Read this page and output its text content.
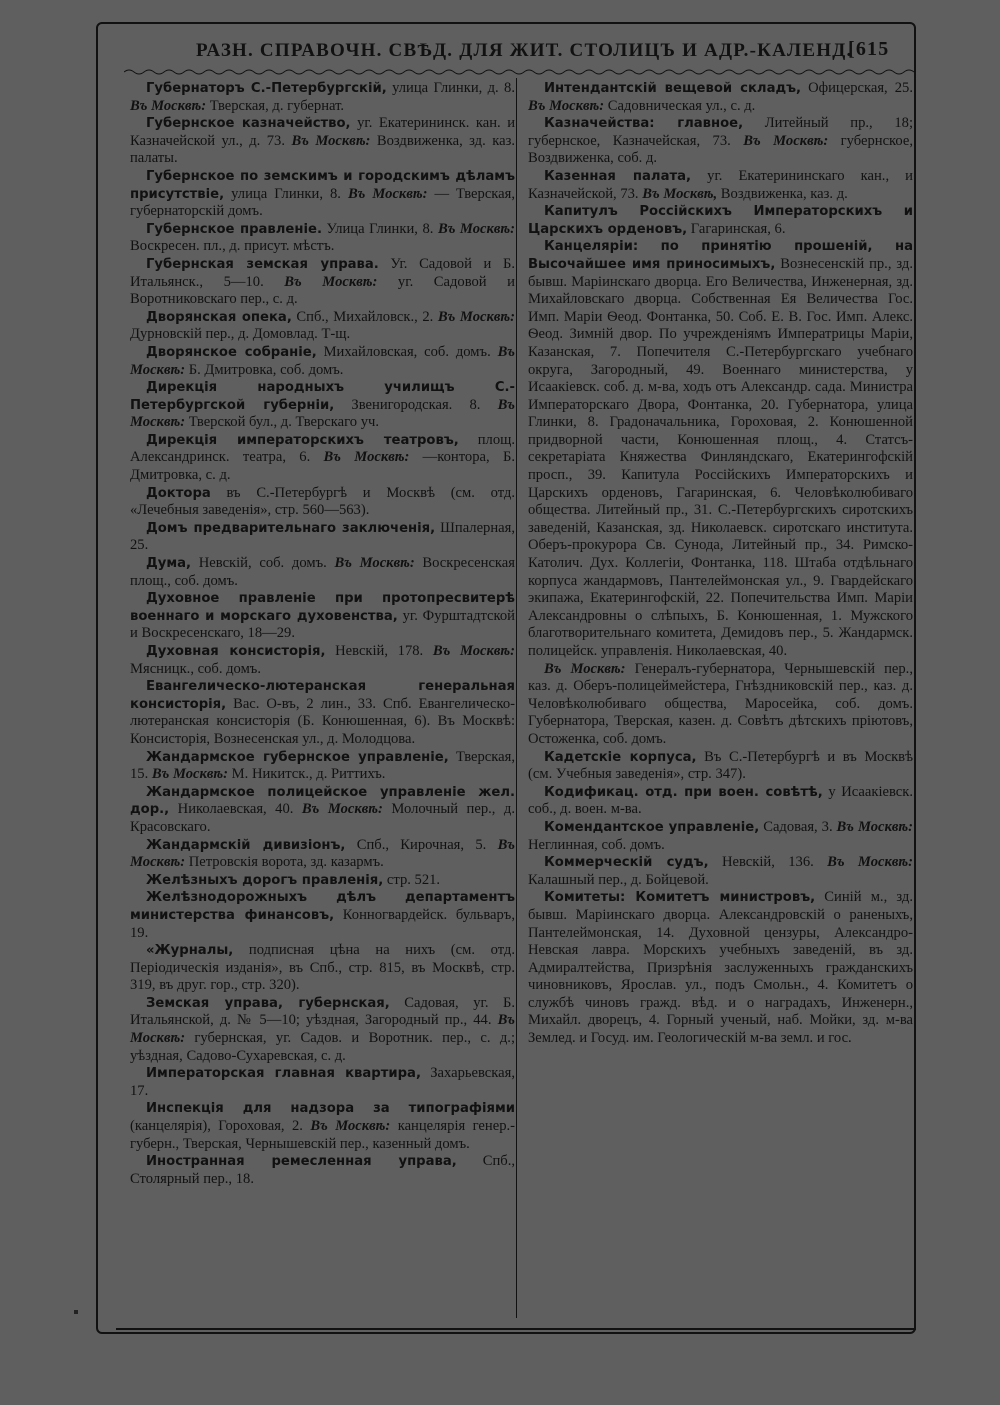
РАЗН. СПРАВОЧН. СВѢД. ДЛЯ ЖИТ. СТОЛИЦЪ И АДР.-КАЛЕНД.
[615

Губернаторъ С.-Петербургскій, улица Глинки, д. 8. Въ Москвѣ: Тверская, д. губернат.

Губернское казначейство, уг. Екатерининск. кан. и Казначейской ул., д. 73. Въ Москвѣ: Воздвиженка, зд. каз. палаты.

Губернское по земскимъ и городскимъ дѣламъ присутствіе, улица Глинки, 8. Въ Москвѣ: — Тверская, губернаторскій домъ.

Губернское правленіе. Улица Глинки, 8. Въ Москвѣ: Воскресен. пл., д. присут. мѣстъ.

Губернская земская управа. Уг. Садовой и Б. Итальянск., 5—10. Въ Москвѣ: уг. Садовой и Воротниковскаго пер., с. д.

Дворянская опека, Спб., Михайловск., 2. Въ Москвѣ: Дурновскій пер., д. Домовлад. Т-щ.

Дворянское собраніе, Михайловская, соб. домъ. Въ Москвѣ: Б. Дмитровка, соб. домъ.

Дирекція народныхъ училищъ С.-Петербургской губерніи, Звенигородская. 8. Въ Москвѣ: Тверской бул., д. Тверскаго уч.

Дирекція императорскихъ театровъ, площ. Александринск. театра, 6. Въ Москвѣ: —контора, Б. Дмитровка, с. д.

Доктора въ С.-Петербургѣ и Москвѣ (см. отд. «Лечебныя заведенія», стр. 560—563).

Домъ предварительнаго заключенія, Шпалерная, 25.

Дума, Невскій, соб. домъ. Въ Москвѣ: Воскресенская площ., соб. домъ.

Духовное правленіе при протопресвитерѣ военнаго и морскаго духовенства, уг. Фурштадтской и Воскресенскаго, 18—29.

Духовная консисторія, Невскій, 178. Въ Москвѣ: Мясницк., соб. домъ.

Евангелическо-лютеранская генеральная консисторія, Вас. О-въ, 2 лин., 33. Спб. Евангелическо-лютеранская консисторія (Б. Конюшенная, 6). Въ Москвѣ: Консисторія, Вознесенская ул., д. Молодцова.

Жандармское губернское управленіе, Тверская, 15. Въ Москвѣ: М. Никитск., д. Риттихъ.

Жандармское полицейское управленіе жел. дор., Николаевская, 40. Въ Москвѣ: Молочный пер., д. Красовскаго.

Жандармскій дивизіонъ, Спб., Кирочная, 5. Въ Москвѣ: Петровскія ворота, зд. казармъ.

Желѣзныхъ дорогъ правленія, стр. 521.

Желѣзнодорожныхъ дѣлъ департаментъ министерства финансовъ, Конногвардейск. бульваръ, 19.

«Журналы, подписная цѣна на нихъ (см. отд. Періодическія изданія», въ Спб., стр. 815, въ Москвѣ, стр. 319, въ друг. гор., стр. 320).

Земская управа, губернская, Садовая, уг. Б. Итальянской, д. № 5—10; уѣздная, Загородный пр., 44. Въ Москвѣ: губернская, уг. Садов. и Воротник. пер., с. д.; уѣздная, Садово-Сухаревская, с. д.

Императорская главная квартира, Захарьевская, 17.

Инспекція для надзора за типографіями (канцелярія), Гороховая, 2. Въ Москвѣ: канцелярія генер.-губерн., Тверская, Чернышевскій пер., казенный домъ.

Иностранная ремесленная управа, Спб., Столярный пер., 18.

Интендантскій вещевой складъ, Офицерская, 25. Въ Москвѣ: Садовническая ул., с. д.

Казначейства: главное, Литейный пр., 18; губернское, Казначейская, 73. Въ Москвѣ: губернское, Воздвиженка, соб. д.

Казенная палата, уг. Екатерининскаго кан., и Казначейской, 73. Въ Москвѣ, Воздвиженка, каз. д.

Капитулъ Россійскихъ Императорскихъ и Царскихъ орденовъ, Гагаринская, 6.

Канцеляріи: по принятію прошеній, на Высочайшее имя приносимыхъ, Вознесенскій пр., зд. бывш. Маріинскаго дворца. Его Величества, Инженерная, зд. Михайловскаго дворца. Собственная Ея Величества Гос. Имп. Маріи Ѳеод. Фонтанка, 50. Соб. Е. В. Гос. Имп. Алекс. Ѳеод. Зимній двор. По учрежденіямъ Императрицы Маріи, Казанская, 7. Попечителя С.-Петербургскаго учебнаго округа, Загородный, 49. Военнаго министерства, у Исаакіевск. соб. д. м-ва, ходъ отъ Александр. сада. Министра Императорскаго Двора, Фонтанка, 20. Губернатора, улица Глинки, 8. Градоначальника, Гороховая, 2. Конюшенной придворной части, Конюшенная площ., 4. Статсъ-секретаріата Княжества Финляндскаго, Екатерингофскій просп., 39. Капитула Россійскихъ Императорскихъ и Царскихъ орденовъ, Гагаринская, 6. Человѣколюбиваго общества. Литейный пр., 31. С.-Петербургскихъ сиротскихъ заведеній, Казанская, зд. Николаевск. сиротскаго института. Оберъ-прокурора Св. Сунода, Литейный пр., 34. Римско-Католич. Дух. Коллегіи, Фонтанка, 118. Штаба отдѣльнаго корпуса жандармовъ, Пантелеймонская ул., 9. Гвардейскаго экипажа, Екатерингофскій, 22. Попечительства Имп. Маріи Александровны о слѣпыхъ, Б. Конюшенная, 1. Мужского благотворительнаго комитета, Демидовъ пер., 5. Жандармск. полицейск. управленія. Николаевская, 40.

Въ Москвѣ: Генералъ-губернатора, Чернышевскій пер., каз. д. Оберъ-полицеймейстера, Гнѣздниковскій пер., каз. д. Человѣколюбиваго общества, Маросейка, соб. домъ. Губернатора, Тверская, казен. д. Совѣтъ дѣтскихъ пріютовъ, Остоженка, соб. домъ.

Кадетскіе корпуса, Въ С.-Петербургѣ и въ Москвѣ (см. Учебныя заведенія», стр. 347).

Кодификац. отд. при воен. совѣтѣ, у Исаакіевск. соб., д. воен. м-ва.

Комендантское управленіе, Садовая, 3. Въ Москвѣ: Неглинная, соб. домъ.

Коммерческій судъ, Невскій, 136. Въ Москвѣ: Калашный пер., д. Бойцевой.

Комитеты: Комитетъ министровъ, Синій м., зд. бывш. Маріинскаго дворца. Александровскій о раненыхъ, Пантелеймонская, 14. Духовной цензуры, Александро-Невская лавра. Морскихъ учебныхъ заведеній, въ зд. Адмиралтейства, Призрѣнія заслуженныхъ гражданскихъ чиновниковъ, Ярослав. ул., подъ Смольн., 4. Комитетъ о службѣ чиновъ гражд. вѣд. и о наградахъ, Инженерн., Михайл. дворецъ, 4. Горный ученый, наб. Мойки, зд. м-ва Землед. и Госуд. им. Геологическій м-ва земл. и гос.
